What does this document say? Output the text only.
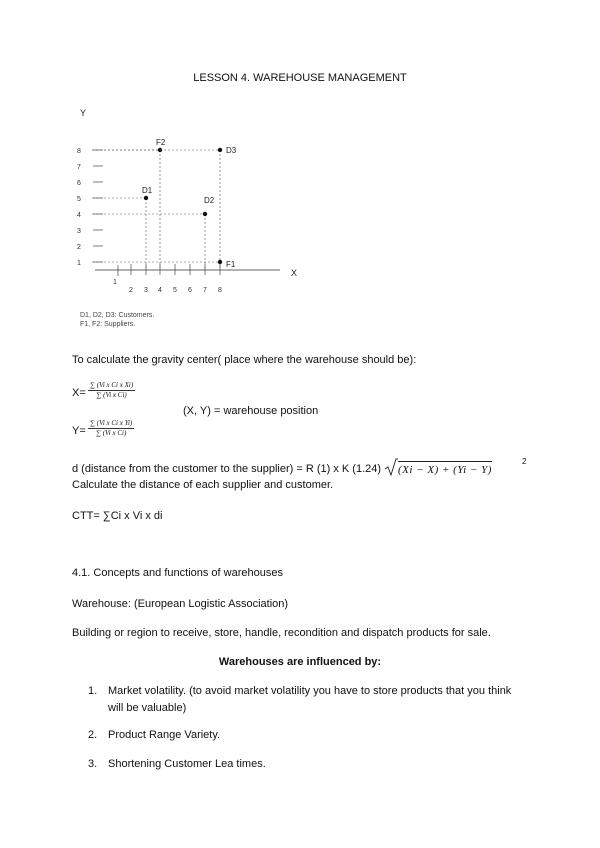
LESSON 4. WAREHOUSE MANAGEMENT
Y
X
8
7
6
5
4
3
2
1
1
2 3 4 5 6 7 8
F2
D3
D1
D2
F1
D1, D2, D3: Customers.
F1, F2: Suppliers.
To calculate the gravity center( place where the warehouse should be):
$X= \frac{\text{∑ (Vi x Ci x Xi)}}{\text{∑ (Vi x Ci)}}$
(X, Y) = warehouse position
$Y= \frac{\text{∑ (Vi x Ci x Yi)}}{\text{∑ (Vi x Ci)}}$
d (distance from the customer to the supplier) = R (1) x K (1.24) (Xi − X) + (Yi − Y)
2
Calculate the distance of each supplier and customer.
CTT= ∑Ci x Vi x di
4.1. Concepts and functions of warehouses
Warehouse: (European Logistic Association)
Building or region to receive, store, handle, recondition and dispatch products for sale.
Warehouses are influenced by:
1. Market volatility. (to avoid market volatility you have to store products that you think will be valuable)
2. Product Range Variety.
3. Shortening Customer Lea times.
